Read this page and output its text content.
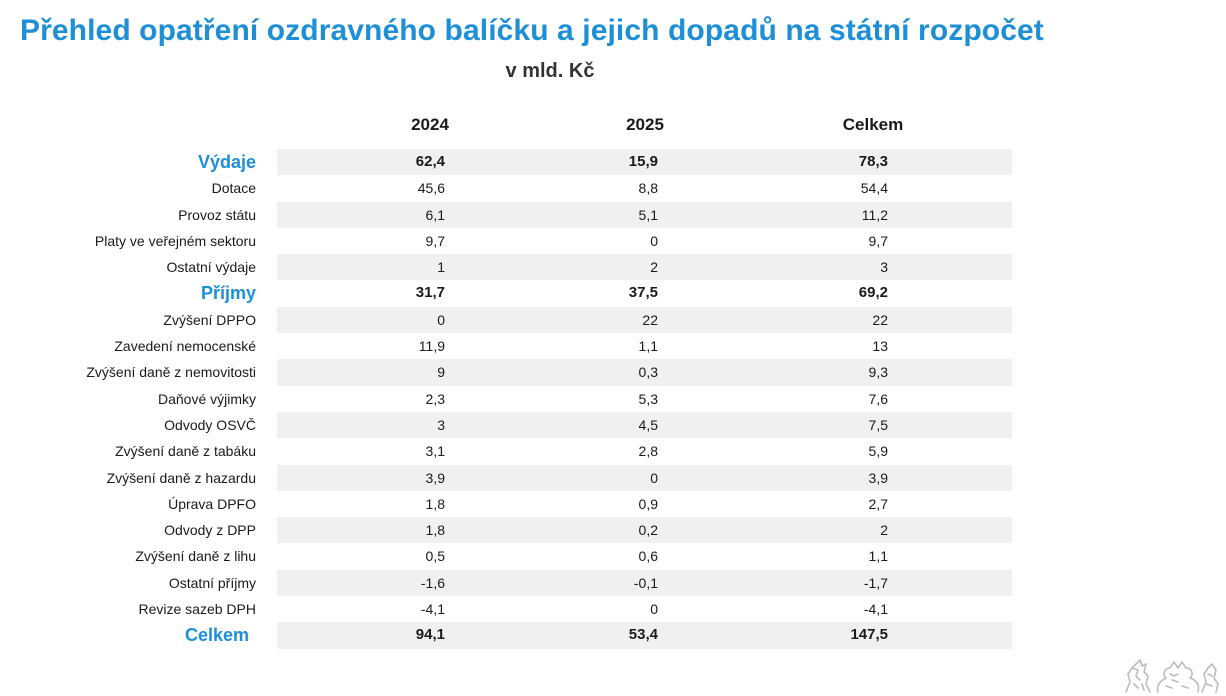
Přehled opatření ozdravného balíčku a jejich dopadů na státní rozpočet
v mld. Kč
2024	2025	Celkem
Výdaje	62,4	15,9	78,3
Dotace	45,6	8,8	54,4
Provoz státu	6,1	5,1	11,2
Platy ve veřejném sektoru	9,7	0	9,7
Ostatní výdaje	1	2	3
Příjmy	31,7	37,5	69,2
Zvýšení DPPO	0	22	22
Zavedení nemocenské	11,9	1,1	13
Zvýšení daně z nemovitosti	9	0,3	9,3
Daňové výjimky	2,3	5,3	7,6
Odvody OSVČ	3	4,5	7,5
Zvýšení daně z tabáku	3,1	2,8	5,9
Zvýšení daně z hazardu	3,9	0	3,9
Úprava DPFO	1,8	0,9	2,7
Odvody z DPP	1,8	0,2	2
Zvýšení daně z lihu	0,5	0,6	1,1
Ostatní příjmy	-1,6	-0,1	-1,7
Revize sazeb DPH	-4,1	0	-4,1
Celkem	94,1	53,4	147,5
